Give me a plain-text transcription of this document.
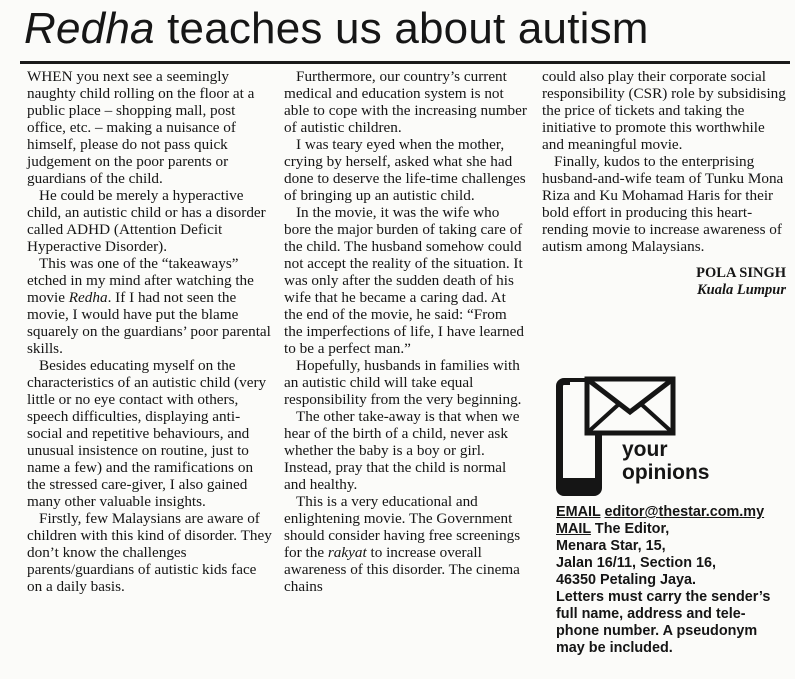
Redha teaches us about autism

WHEN you next see a seemingly naughty child rolling on the floor at a public place – shopping mall, post office, etc. – making a nuisance of himself, please do not pass quick judgement on the poor parents or guardians of the child.

He could be merely a hyperactive child, an autistic child or has a disorder called ADHD (Attention Deficit Hyperactive Disorder).

This was one of the “takeaways” etched in my mind after watching the movie Redha. If I had not seen the movie, I would have put the blame squarely on the guardians’ poor parental skills.

Besides educating myself on the characteristics of an autistic child (very little or no eye contact with others, speech difficulties, displaying anti-social and repetitive behaviours, and unusual insistence on routine, just to name a few) and the ramifications on the stressed care-giver, I also gained many other valuable insights.

Firstly, few Malaysians are aware of children with this kind of disorder. They don’t know the challenges parents/guardians of autistic kids face on a daily basis.

Furthermore, our country’s current medical and education system is not able to cope with the increasing number of autistic children.

I was teary eyed when the mother, crying by herself, asked what she had done to deserve the life-time challenges of bringing up an autistic child.

In the movie, it was the wife who bore the major burden of taking care of the child. The husband somehow could not accept the reality of the situation. It was only after the sudden death of his wife that he became a caring dad. At the end of the movie, he said: “From the imperfections of life, I have learned to be a perfect man.”

Hopefully, husbands in families with an autistic child will take equal responsibility from the very beginning.

The other take-away is that when we hear of the birth of a child, never ask whether the baby is a boy or girl. Instead, pray that the child is normal and healthy.

This is a very educational and enlightening movie. The Government should consider having free screenings for the rakyat to increase overall awareness of this disorder. The cinema chains

could also play their corporate social responsibility (CSR) role by subsidising the price of tickets and taking the initiative to promote this worthwhile and meaningful movie.

Finally, kudos to the enterprising husband-and-wife team of Tunku Mona Riza and Ku Mohamad Haris for their bold effort in producing this heart-rending movie to increase awareness of autism among Malaysians.

POLA SINGH
Kuala Lumpur
your
opinions
EMAIL editor@thestar.com.my
MAIL The Editor,
Menara Star, 15,
Jalan 16/11, Section 16,
46350 Petaling Jaya.
Letters must carry the sender’s
full name, address and tele-
phone number. A pseudonym
may be included.
